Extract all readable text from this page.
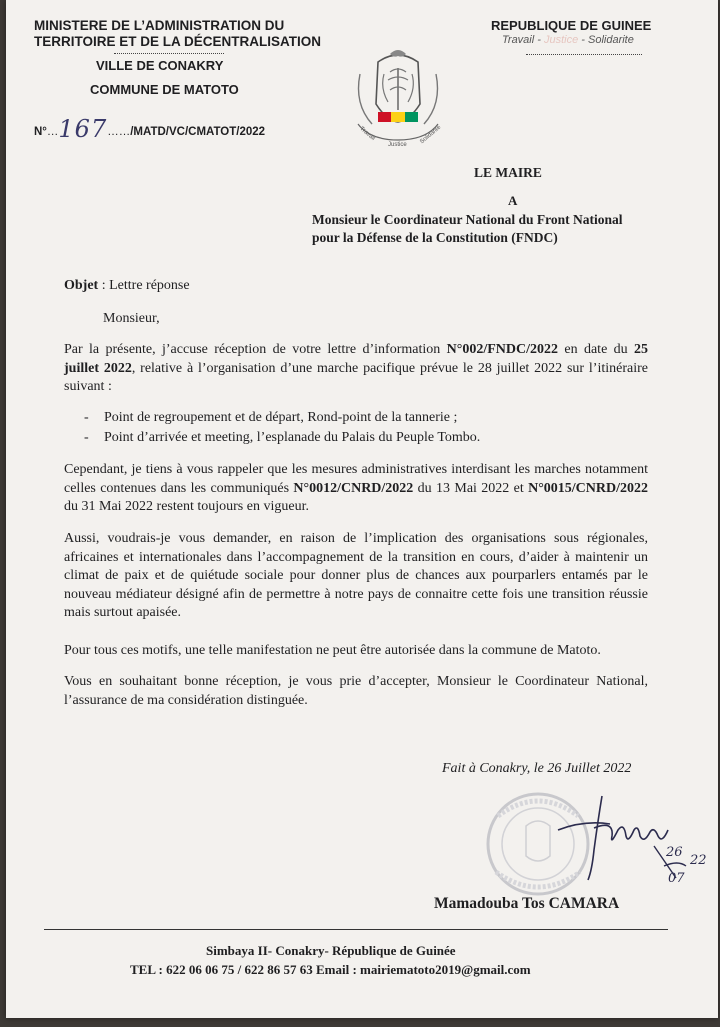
MINISTERE DE L’ADMINISTRATION DU
TERRITOIRE ET DE LA DÉCENTRALISATION
VILLE DE CONAKRY
COMMUNE DE MATOTO
N°…167……/MATD/VC/CMATOT/2022
REPUBLIQUE DE GUINEE
Travail - Justice - Solidarite
Travail
Justice Solidarité
LE MAIRE
A
Monsieur le Coordinateur National du Front National
pour la Défense de la Constitution (FNDC)
Objet : Lettre réponse
Monsieur,
Par la présente, j’accuse réception de votre lettre d’information N°002/FNDC/2022 en date du 25 juillet 2022, relative à l’organisation d’une marche pacifique prévue le 28 juillet 2022 sur l’itinéraire suivant :
- Point de regroupement et de départ, Rond-point de la tannerie ;
- Point d’arrivée et meeting, l’esplanade du Palais du Peuple Tombo.
Cependant, je tiens à vous rappeler que les mesures administratives interdisant les marches notamment celles contenues dans les communiqués N°0012/CNRD/2022 du 13 Mai 2022 et N°0015/CNRD/2022 du 31 Mai 2022 restent toujours en vigueur.
Aussi, voudrais-je vous demander, en raison de l’implication des organisations sous régionales, africaines et internationales dans l’accompagnement de la transition en cours, d’aider à maintenir un climat de paix et de quiétude sociale pour donner plus de chances aux pourparlers entamés par le nouveau médiateur désigné afin de permettre à notre pays de connaitre cette fois une transition réussie mais surtout apaisée.
Pour tous ces motifs, une telle manifestation ne peut être autorisée dans la commune de Matoto.
Vous en souhaitant bonne réception, je vous prie d’accepter, Monsieur le Coordinateur National, l’assurance de ma considération distinguée.
Fait à Conakry, le 26 Juillet 2022
26
22
07
Mamadouba Tos CAMARA
Simbaya II- Conakry- République de Guinée
TEL : 622 06 06 75 / 622 86 57 63 Email : mairiematoto2019@gmail.com
